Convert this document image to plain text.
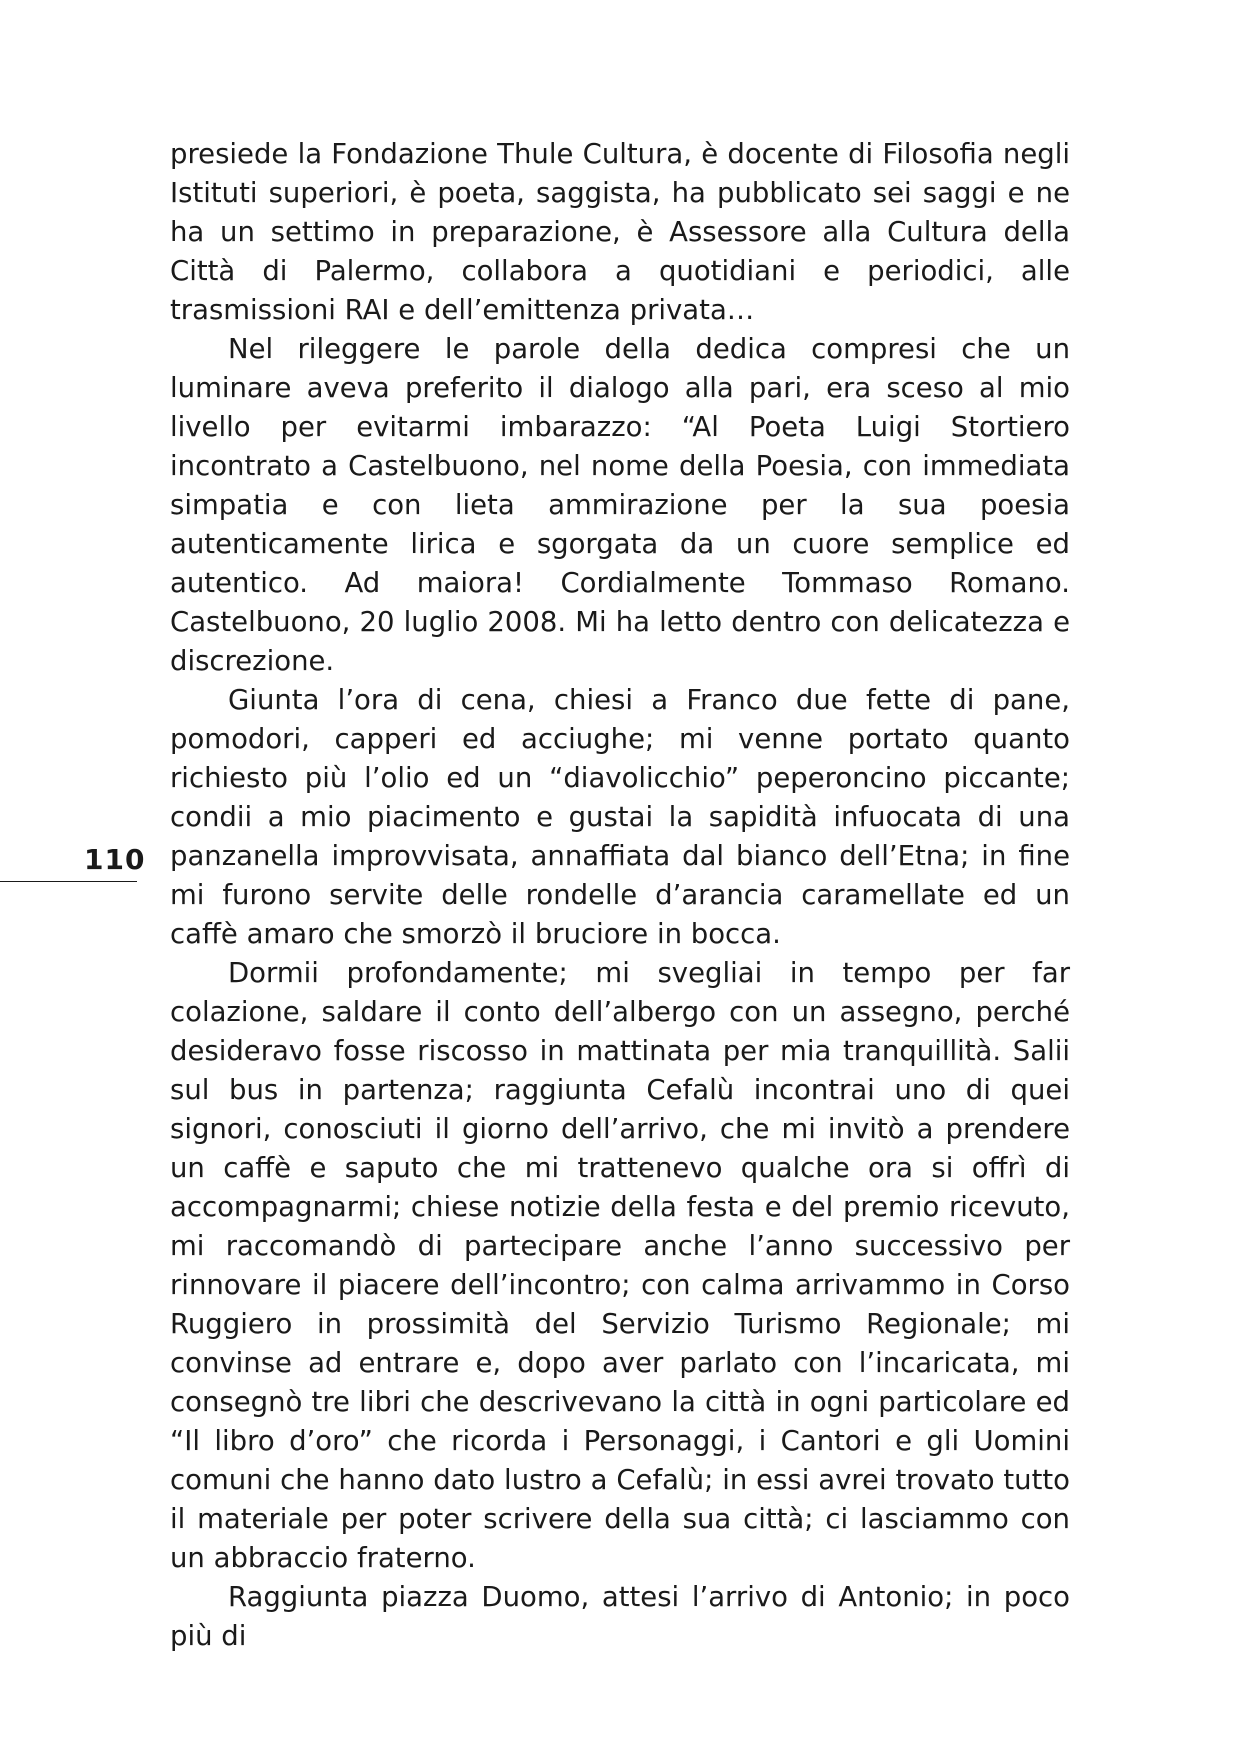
presiede la Fondazione Thule Cultura, è docente di Filosofia negli Istituti superiori, è poeta, saggista, ha pubblicato sei saggi e ne ha un settimo in preparazione, è Assessore alla Cultura della Città di Palermo, collabora a quotidiani e periodici, alle trasmissioni RAI e dell’emittenza privata…

Nel rileggere le parole della dedica compresi che un luminare aveva preferito il dialogo alla pari, era sceso al mio livello per evitarmi imbarazzo: “Al Poeta Luigi Stortiero incontrato a Castelbuono, nel nome della Poesia, con immediata simpatia e con lieta ammirazione per la sua poesia autenticamente lirica e sgorgata da un cuore semplice ed autentico. Ad maiora! Cordialmente Tommaso Romano. Castelbuono, 20 luglio 2008. Mi ha letto dentro con delicatezza e discrezione.

Giunta l’ora di cena, chiesi a Franco due fette di pane, pomodori, capperi ed acciughe; mi venne portato quanto richiesto più l’olio ed un “diavolicchio” peperoncino piccante; condii a mio piacimento e gustai la sapidità infuocata di una panzanella improvvisata, annaffiata dal bianco dell’Etna; in fine mi furono servite delle rondelle d’arancia caramellate ed un caffè amaro che smorzò il bruciore in bocca.

Dormii profondamente; mi svegliai in tempo per far colazione, saldare il conto dell’albergo con un assegno, perché desideravo fosse riscosso in mattinata per mia tranquillità. Salii sul bus in partenza; raggiunta Cefalù incontrai uno di quei signori, conosciuti il giorno dell’arrivo, che mi invitò a prendere un caffè e saputo che mi trattenevo qualche ora si offrì di accompagnarmi; chiese notizie della festa e del premio ricevuto, mi raccomandò di partecipare anche l’anno successivo per rinnovare il piacere dell’incontro; con calma arrivammo in Corso Ruggiero in prossimità del Servizio Turismo Regionale; mi convinse ad entrare e, dopo aver parlato con l’incaricata, mi consegnò tre libri che descrivevano la città in ogni particolare ed “Il libro d’oro” che ricorda i Personaggi, i Cantori e gli Uomini comuni che hanno dato lustro a Cefalù; in essi avrei trovato tutto il materiale per poter scrivere della sua città; ci lasciammo con un abbraccio fraterno.

Raggiunta piazza Duomo, attesi l’arrivo di Antonio; in poco più di

110
